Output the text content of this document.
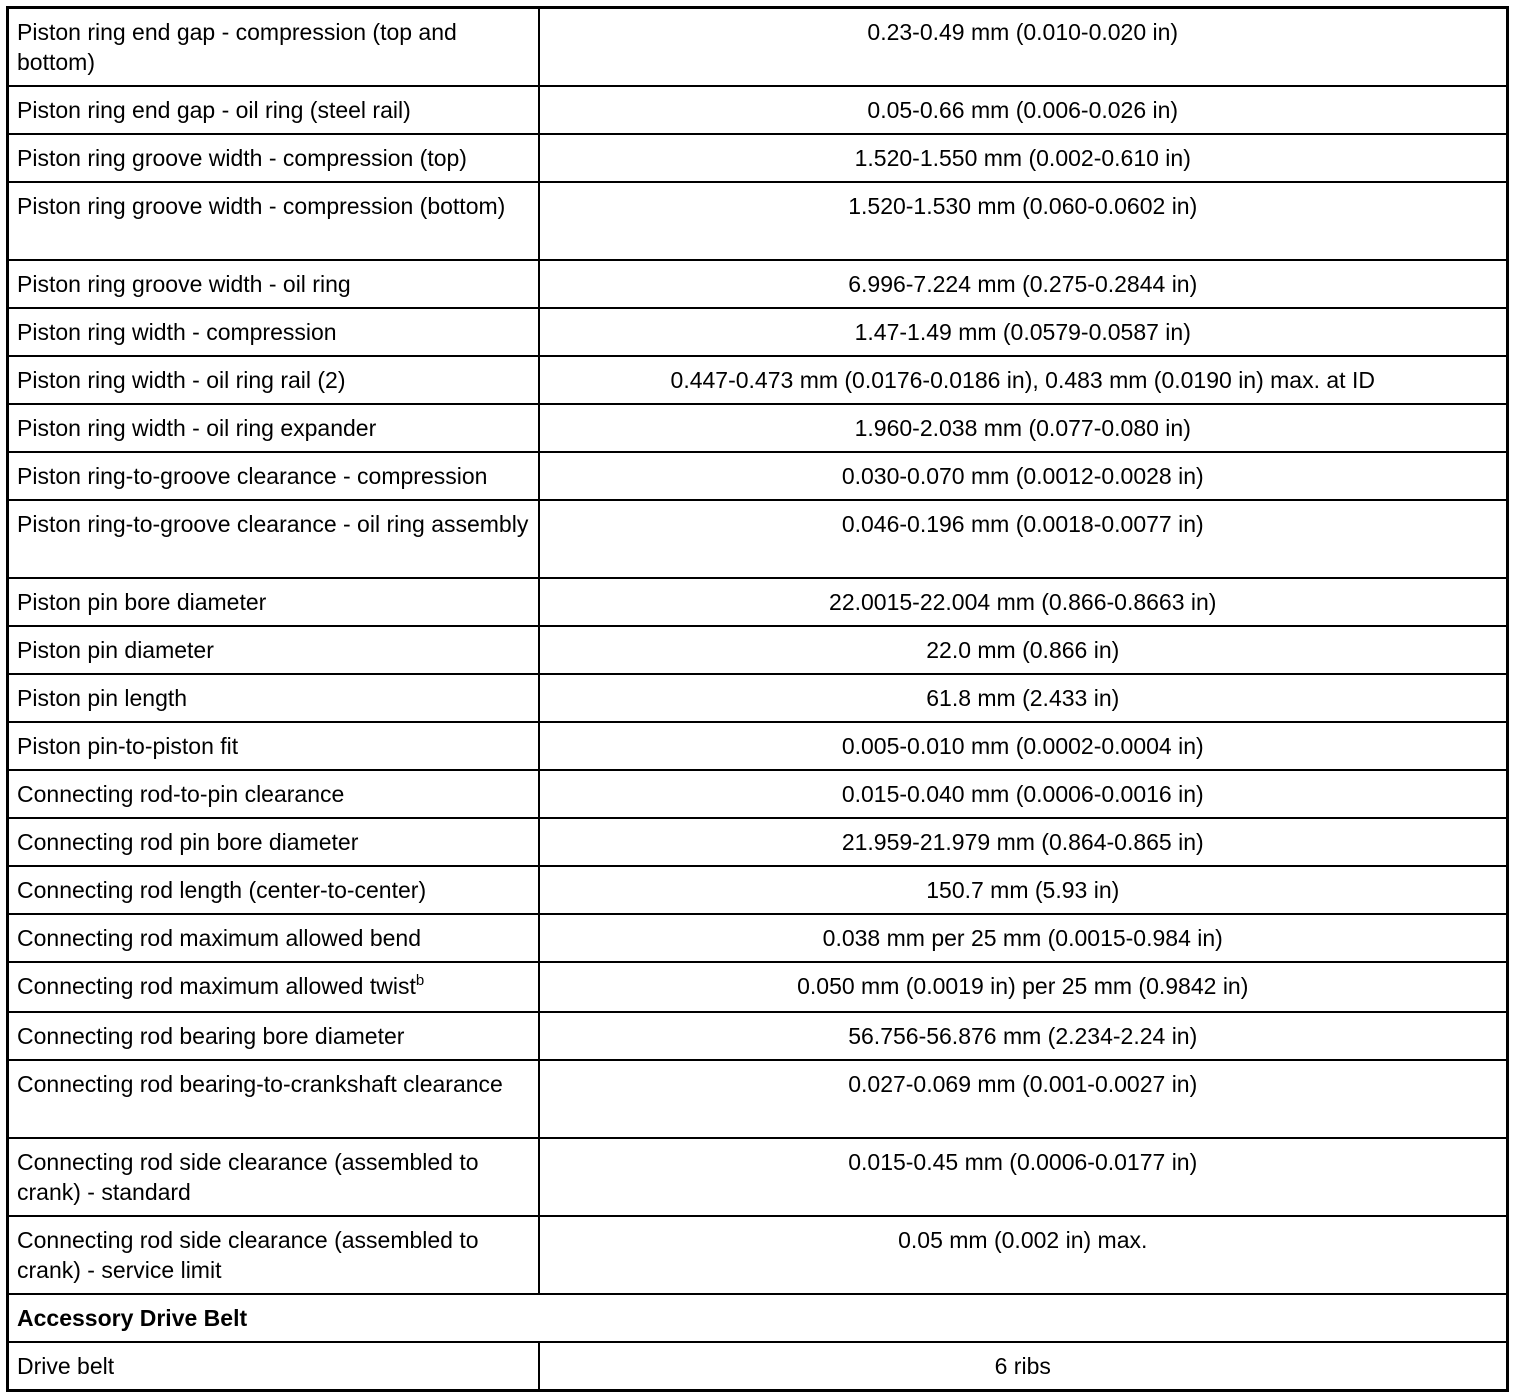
Piston ring end gap - compression (top and bottom)	0.23-0.49 mm (0.010-0.020 in)
Piston ring end gap - oil ring (steel rail)	0.05-0.66 mm (0.006-0.026 in)
Piston ring groove width - compression (top)	1.520-1.550 mm (0.002-0.610 in)
Piston ring groove width - compression (bottom)	1.520-1.530 mm (0.060-0.0602 in)
Piston ring groove width - oil ring	6.996-7.224 mm (0.275-0.2844 in)
Piston ring width - compression	1.47-1.49 mm (0.0579-0.0587 in)
Piston ring width - oil ring rail (2)	0.447-0.473 mm (0.0176-0.0186 in), 0.483 mm (0.0190 in) max. at ID
Piston ring width - oil ring expander	1.960-2.038 mm (0.077-0.080 in)
Piston ring-to-groove clearance - compression	0.030-0.070 mm (0.0012-0.0028 in)
Piston ring-to-groove clearance - oil ring assembly	0.046-0.196 mm (0.0018-0.0077 in)
Piston pin bore diameter	22.0015-22.004 mm (0.866-0.8663 in)
Piston pin diameter	22.0 mm (0.866 in)
Piston pin length	61.8 mm (2.433 in)
Piston pin-to-piston fit	0.005-0.010 mm (0.0002-0.0004 in)
Connecting rod-to-pin clearance	0.015-0.040 mm (0.0006-0.0016 in)
Connecting rod pin bore diameter	21.959-21.979 mm (0.864-0.865 in)
Connecting rod length (center-to-center)	150.7 mm (5.93 in)
Connecting rod maximum allowed bend	0.038 mm per 25 mm (0.0015-0.984 in)
Connecting rod maximum allowed twist$^b$	0.050 mm (0.0019 in) per 25 mm (0.9842 in)
Connecting rod bearing bore diameter	56.756-56.876 mm (2.234-2.24 in)
Connecting rod bearing-to-crankshaft clearance	0.027-0.069 mm (0.001-0.0027 in)
Connecting rod side clearance (assembled to crank) - standard	0.015-0.45 mm (0.0006-0.0177 in)
Connecting rod side clearance (assembled to crank) - service limit	0.05 mm (0.002 in) max.
Accessory Drive Belt	
Drive belt	6 ribs
